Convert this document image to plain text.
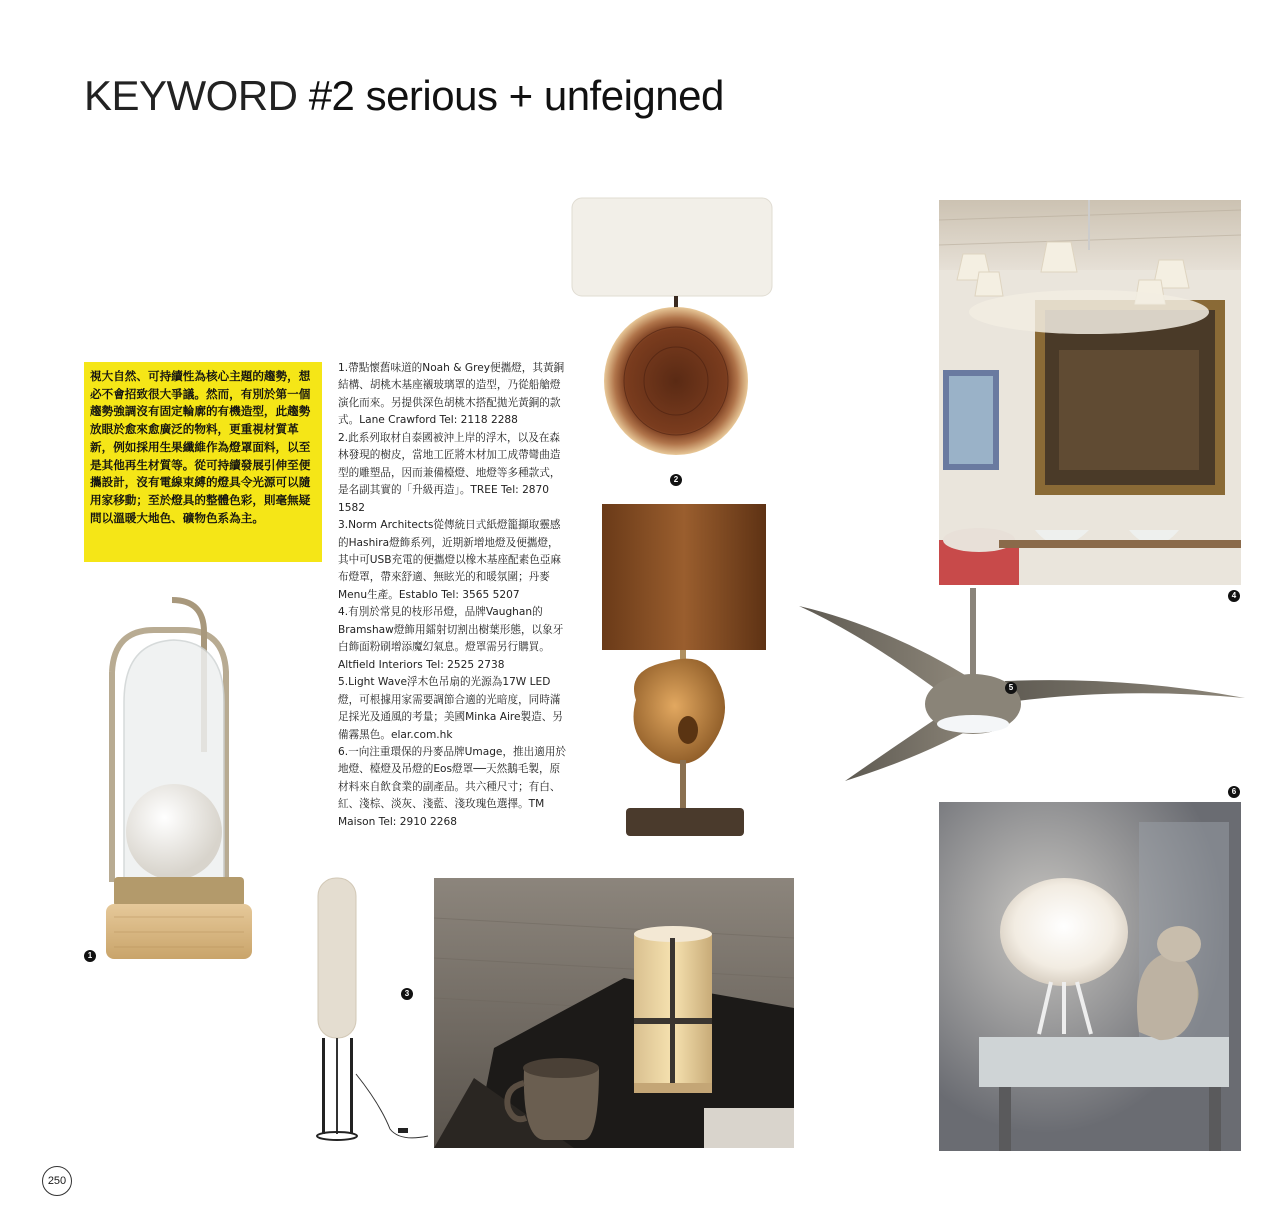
KEYWORD #2 serious + unfeigned
視大自然、可持續性為核心主題的趨勢，想必不會招致很大爭議。然而，有別於第一個趨勢強調沒有固定輪廓的有機造型，此趨勢放眼於愈來愈廣泛的物料，更重視材質革新，例如採用生果纖維作為燈罩面料，以至是其他再生材質等。從可持續發展引伸至便攜設計，沒有電線束縛的燈具令光源可以隨用家移動；至於燈具的整體色彩，則毫無疑問以溫暖大地色、礦物色系為主。

1.帶點懷舊味道的Noah & Grey便攜燈，其黃銅結構、胡桃木基座襯玻璃罩的造型，乃從船艙燈演化而來。另提供深色胡桃木搭配拋光黃銅的款式。Lane Crawford Tel: 2118 2288

2.此系列取材自泰國被沖上岸的浮木，以及在森林發現的樹皮，當地工匠將木材加工成帶彎曲造型的雕塑品，因而兼備檯燈、地燈等多種款式，是名副其實的「升級再造」。TREE Tel: 2870 1582

3.Norm Architects從傳統日式紙燈籠擷取靈感的Hashira燈飾系列，近期新增地燈及便攜燈，其中可USB充電的便攜燈以橡木基座配素色亞麻布燈罩，帶來舒適、無眩光的和暖氛圍；丹麥Menu生產。Establo Tel: 3565 5207

4.有別於常見的枝形吊燈，品牌Vaughan的Bramshaw燈飾用鐳射切割出樹葉形態，以象牙白飾面粉刷增添魔幻氣息。燈罩需另行購買。Altfield Interiors Tel: 2525 2738

5.Light Wave浮木色吊扇的光源為17W LED燈，可根據用家需要調節合適的光暗度，同時滿足採光及通風的考量；美國Minka Aire製造、另備霧黑色。elar.com.hk

6.一向注重環保的丹麥品牌Umage，推出適用於地燈、檯燈及吊燈的Eos燈罩──天然鵝毛製，原材料來自飲食業的副產品。共六種尺寸；有白、紅、淺棕、淡灰、淺藍、淺玫瑰色選擇。TM Maison Tel: 2910 2268

1
2
3
4
5
6
250
